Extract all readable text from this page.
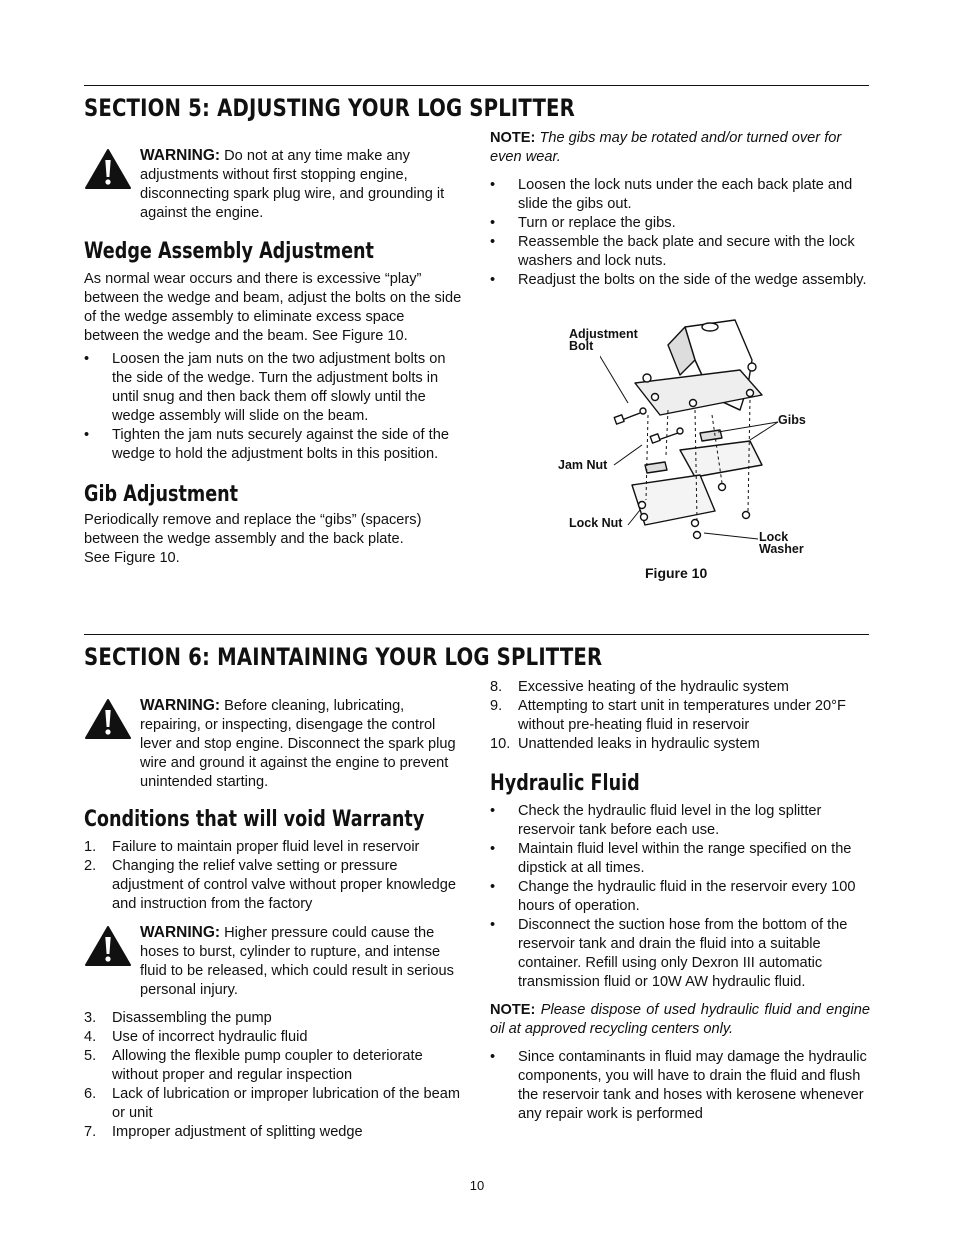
SECTION 5: ADJUSTING YOUR LOG SPLITTER

WARNING: Do not at any time make any adjustments without first stopping engine, disconnecting spark plug wire, and grounding it against the engine.

Wedge Assembly Adjustment

As normal wear occurs and there is excessive “play” between the wedge and beam, adjust the bolts on the side of the wedge assembly to eliminate excess space between the wedge and the beam. See Figure 10.

• Loosen the jam nuts on the two adjustment bolts on the side of the wedge. Turn the adjustment bolts in until snug and then back them off slowly until the wedge assembly will slide on the beam.
• Tighten the jam nuts securely against the side of the wedge to hold the adjustment bolts in this position.
Gib Adjustment

Periodically remove and replace the “gibs” (spacers) between the wedge assembly and the back plate.

See Figure 10.

NOTE: The gibs may be rotated and/or turned over for even wear.

• Loosen the lock nuts under the each back plate and slide the gibs out.
• Turn or replace the gibs.
• Reassemble the back plate and secure with the lock washers and lock nuts.
• Readjust the bolts on the side of the wedge assembly.
Adjustment
Bolt
Gibs
Jam Nut
Lock Nut
Lock
Washer
Figure 10
SECTION 6: MAINTAINING YOUR LOG SPLITTER

WARNING: Before cleaning, lubricating, repairing, or inspecting, disengage the control lever and stop engine. Disconnect the spark plug wire and ground it against the engine to prevent unintended starting.

Conditions that will void Warranty
1. Failure to maintain proper fluid level in reservoir
2. Changing the relief valve setting or pressure adjustment of control valve without proper knowledge and instruction from the factory

WARNING: Higher pressure could cause the hoses to burst, cylinder to rupture, and intense fluid to be released, which could result in serious personal injury.

3. Disassembling the pump
4. Use of incorrect hydraulic fluid
5. Allowing the flexible pump coupler to deteriorate without proper and regular inspection
6. Lack of lubrication or improper lubrication of the beam or unit
7. Improper adjustment of splitting wedge
8. Excessive heating of the hydraulic system
9. Attempting to start unit in temperatures under 20°F without pre-heating fluid in reservoir
10. Unattended leaks in hydraulic system
Hydraulic Fluid
• Check the hydraulic fluid level in the log splitter reservoir tank before each use.
• Maintain fluid level within the range specified on the dipstick at all times.
• Change the hydraulic fluid in the reservoir every 100 hours of operation.
• Disconnect the suction hose from the bottom of the reservoir tank and drain the fluid into a suitable container. Refill using only Dexron III automatic transmission fluid or 10W AW hydraulic fluid.

NOTE: Please dispose of used hydraulic fluid and engine oil at approved recycling centers only.

• Since contaminants in fluid may damage the hydraulic components, you will have to drain the fluid and flush the reservoir tank and hoses with kerosene whenever any repair work is performed
10
